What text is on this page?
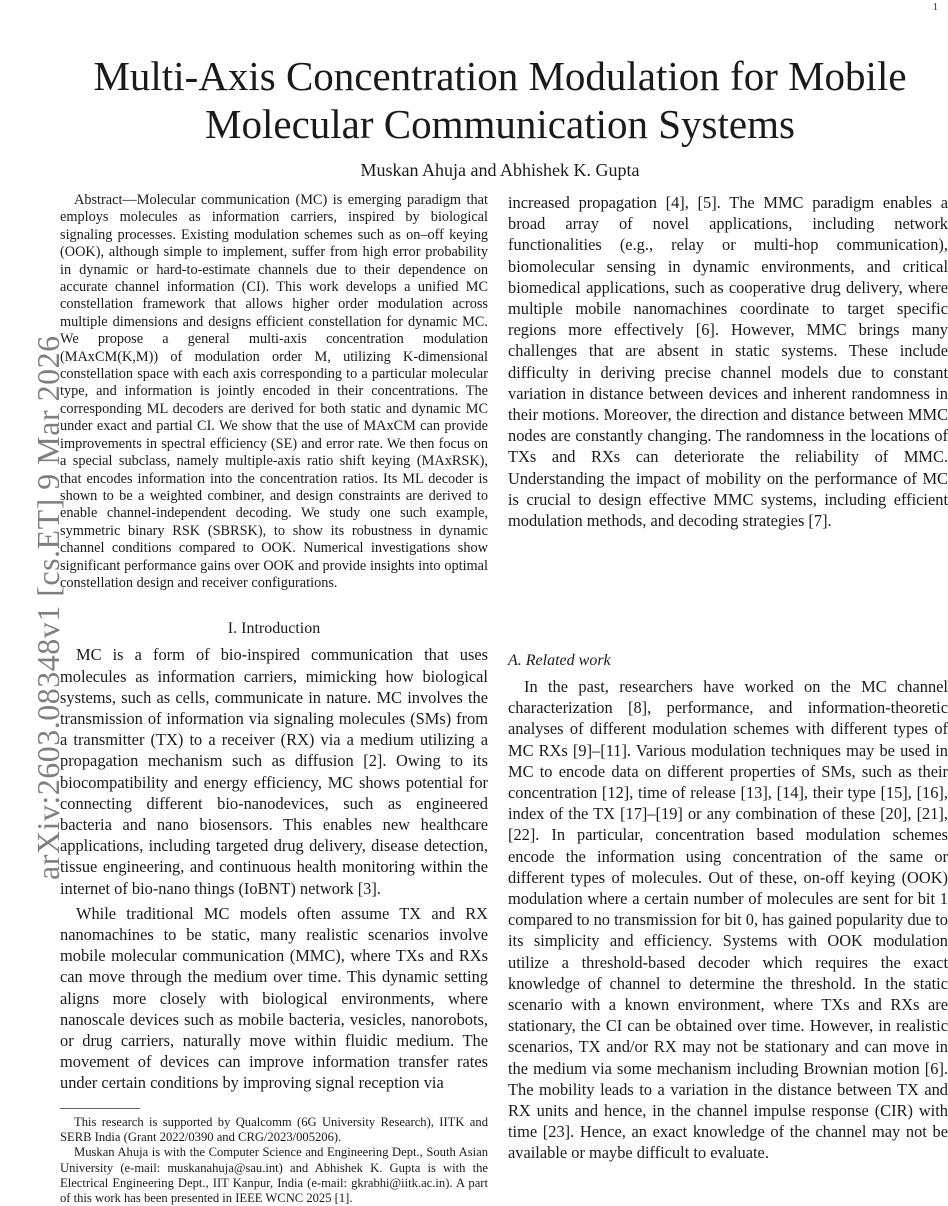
1
arXiv:2603.08348v1 [cs.ET] 9 Mar 2026
Multi-Axis Concentration Modulation for Mobile Molecular Communication Systems

Muskan Ahuja and Abhishek K. Gupta

Abstract—Molecular communication (MC) is emerging paradigm that employs molecules as information carriers, inspired by biological signaling processes. Existing modulation schemes such as on–off keying (OOK), although simple to implement, suffer from high error probability in dynamic or hard-to-estimate channels due to their dependence on accurate channel information (CI). This work develops a unified MC constellation framework that allows higher order modulation across multiple dimensions and designs efficient constellation for dynamic MC. We propose a general multi-axis concentration modulation (MAxCM(K,M)) of modulation order M, utilizing K-dimensional constellation space with each axis corresponding to a particular molecular type, and information is jointly encoded in their concentrations. The corresponding ML decoders are derived for both static and dynamic MC under exact and partial CI. We show that the use of MAxCM can provide improvements in spectral efficiency (SE) and error rate. We then focus on a special subclass, namely multiple-axis ratio shift keying (MAxRSK), that encodes information into the concentration ratios. Its ML decoder is shown to be a weighted combiner, and design constraints are derived to enable channel-independent decoding. We study one such example, symmetric binary RSK (SBRSK), to show its robustness in dynamic channel conditions compared to OOK. Numerical investigations show significant performance gains over OOK and provide insights into optimal constellation design and receiver configurations.

I. Introduction

MC is a form of bio-inspired communication that uses molecules as information carriers, mimicking how biological systems, such as cells, communicate in nature. MC involves the transmission of information via signaling molecules (SMs) from a transmitter (TX) to a receiver (RX) via a medium utilizing a propagation mechanism such as diffusion [2]. Owing to its biocompatibility and energy efficiency, MC shows potential for connecting different bio-nanodevices, such as engineered bacteria and nano biosensors. This enables new healthcare applications, including targeted drug delivery, disease detection, tissue engineering, and continuous health monitoring within the internet of bio-nano things (IoBNT) network [3].

While traditional MC models often assume TX and RX nanomachines to be static, many realistic scenarios involve mobile molecular communication (MMC), where TXs and RXs can move through the medium over time. This dynamic setting aligns more closely with biological environments, where nanoscale devices such as mobile bacteria, vesicles, nanorobots, or drug carriers, naturally move within fluidic medium. The movement of devices can improve information transfer rates under certain conditions by improving signal reception via

increased propagation [4], [5]. The MMC paradigm enables a broad array of novel applications, including network functionalities (e.g., relay or multi-hop communication), biomolecular sensing in dynamic environments, and critical biomedical applications, such as cooperative drug delivery, where multiple mobile nanomachines coordinate to target specific regions more effectively [6]. However, MMC brings many challenges that are absent in static systems. These include difficulty in deriving precise channel models due to constant variation in distance between devices and inherent randomness in their motions. Moreover, the direction and distance between MMC nodes are constantly changing. The randomness in the locations of TXs and RXs can deteriorate the reliability of MMC. Understanding the impact of mobility on the performance of MC is crucial to design effective MMC systems, including efficient modulation methods, and decoding strategies [7].

This research is supported by Qualcomm (6G University Research), IITK and SERB India (Grant 2022/0390 and CRG/2023/005206).

Muskan Ahuja is with the Computer Science and Engineering Dept., South Asian University (e-mail: muskanahuja@sau.int) and Abhishek K. Gupta is with the Electrical Engineering Dept., IIT Kanpur, India (e-mail: gkrabhi@iitk.ac.in). A part of this work has been presented in IEEE WCNC 2025 [1].

A. Related work

In the past, researchers have worked on the MC channel characterization [8], performance, and information-theoretic analyses of different modulation schemes with different types of MC RXs [9]–[11]. Various modulation techniques may be used in MC to encode data on different properties of SMs, such as their concentration [12], time of release [13], [14], their type [15], [16], index of the TX [17]–[19] or any combination of these [20], [21], [22]. In particular, concentration based modulation schemes encode the information using concentration of the same or different types of molecules. Out of these, on-off keying (OOK) modulation where a certain number of molecules are sent for bit 1 compared to no transmission for bit 0, has gained popularity due to its simplicity and efficiency. Systems with OOK modulation utilize a threshold-based decoder which requires the exact knowledge of channel to determine the threshold. In the static scenario with a known environment, where TXs and RXs are stationary, the CI can be obtained over time. However, in realistic scenarios, TX and/or RX may not be stationary and can move in the medium via some mechanism including Brownian motion [6]. The mobility leads to a variation in the distance between TX and RX units and hence, in the channel impulse response (CIR) with time [23]. Hence, an exact knowledge of the channel may not be available or maybe difficult to evaluate.
